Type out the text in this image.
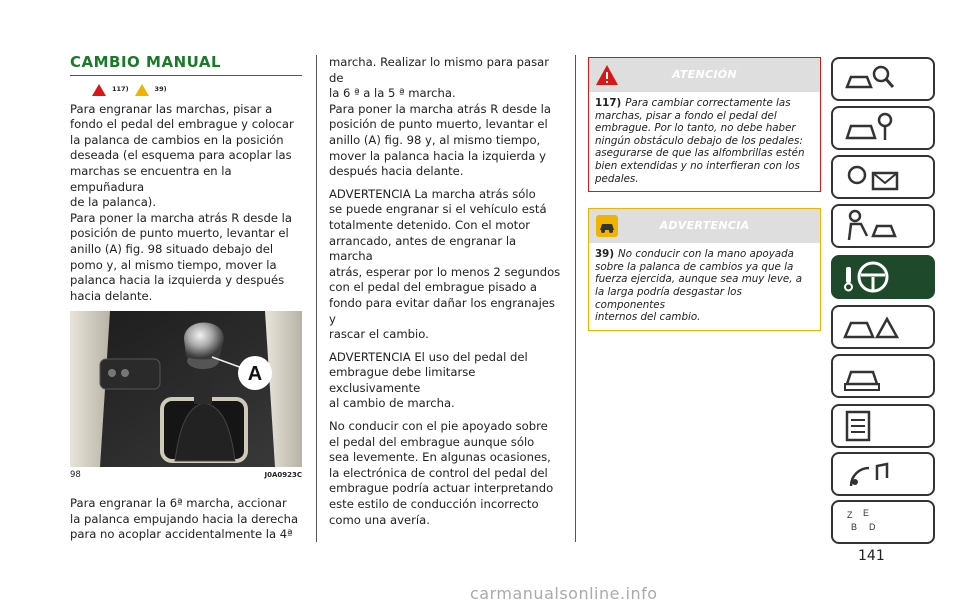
CAMBIO MANUAL
117)	39)

Para engranar las marchas, pisar a
fondo el pedal del embrague y colocar
la palanca de cambios en la posición
deseada (el esquema para acoplar las
marchas se encuentra en la empuñadura
de la palanca).
Para poner la marcha atrás R desde la
posición de punto muerto, levantar el
anillo (A) fig. 98 situado debajo del
pomo y, al mismo tiempo, mover la
palanca hacia la izquierda y después
hacia delante.

A
98	J0A0923C

Para engranar la 6ª marcha, accionar
la palanca empujando hacia la derecha
para no acoplar accidentalmente la 4ª

marcha. Realizar lo mismo para pasar de
la 6 ª a la 5 ª marcha.
Para poner la marcha atrás R desde la
posición de punto muerto, levantar el
anillo (A) fig. 98 y, al mismo tiempo,
mover la palanca hacia la izquierda y
después hacia delante.

ADVERTENCIA La marcha atrás sólo
se puede engranar si el vehículo está
totalmente detenido. Con el motor
arrancado, antes de engranar la marcha
atrás, esperar por lo menos 2 segundos
con el pedal del embrague pisado a
fondo para evitar dañar los engranajes y
rascar el cambio.

ADVERTENCIA El uso del pedal del
embrague debe limitarse exclusivamente
al cambio de marcha.

No conducir con el pie apoyado sobre
el pedal del embrague aunque sólo
sea levemente. En algunas ocasiones,
la electrónica de control del pedal del
embrague podría actuar interpretando
este estilo de conducción incorrecto
como una avería.

ATENCIÓN
117) Para cambiar correctamente las
marchas, pisar a fondo el pedal del
embrague. Por lo tanto, no debe haber
ningún obstáculo debajo de los pedales:
asegurarse de que las alfombrillas estén
bien extendidas y no interfieran con los
pedales.
ADVERTENCIA
39) No conducir con la mano apoyada
sobre la palanca de cambios ya que la
fuerza ejercida, aunque sea muy leve, a
la larga podría desgastar los componentes
internos del cambio.
Z E
B D
141
carmanualsonline.info
